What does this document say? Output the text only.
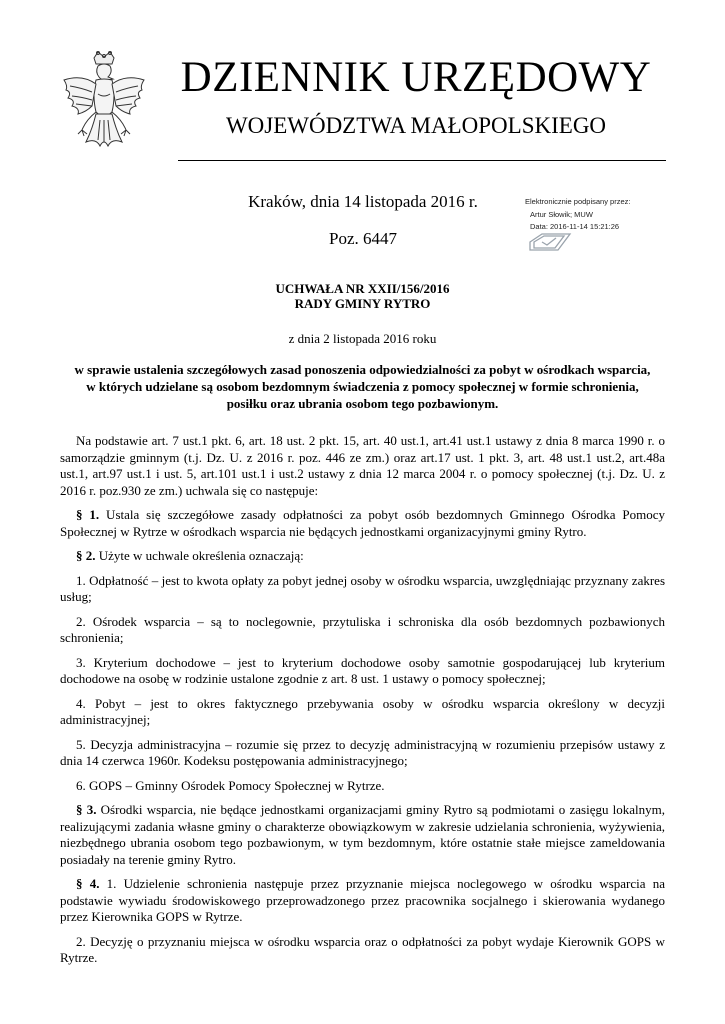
DZIENNIK URZĘDOWY
WOJEWÓDZTWA MAŁOPOLSKIEGO
Kraków, dnia 14 listopada 2016 r.
Poz. 6447
Elektronicznie podpisany przez:
Artur Słowik; MUW
Data: 2016-11-14 15:21:26
UCHWAŁA NR XXII/156/2016
RADY GMINY RYTRO
z dnia 2 listopada 2016 roku
w sprawie ustalenia szczegółowych zasad ponoszenia odpowiedzialności za pobyt w ośrodkach wsparcia,
w których udzielane są osobom bezdomnym świadczenia z pomocy społecznej w formie schronienia,
posiłku oraz ubrania osobom tego pozbawionym.

Na podstawie art. 7 ust.1 pkt. 6, art. 18 ust. 2 pkt. 15, art. 40 ust.1, art.41 ust.1 ustawy z dnia 8 marca 1990 r. o samorządzie gminnym (t.j. Dz. U. z 2016 r. poz. 446 ze zm.) oraz art.17 ust. 1 pkt. 3, art. 48 ust.1 ust.2, art.48a ust.1, art.97 ust.1 i ust. 5, art.101 ust.1 i ust.2 ustawy z dnia 12 marca 2004 r. o pomocy społecznej (t.j. Dz. U. z 2016 r. poz.930 ze zm.) uchwala się co następuje:

§ 1. Ustala się szczegółowe zasady odpłatności za pobyt osób bezdomnych Gminnego Ośrodka Pomocy Społecznej w Rytrze w ośrodkach wsparcia nie będących jednostkami organizacyjnymi gminy Rytro.

§ 2. Użyte w uchwale określenia oznaczają:

1. Odpłatność – jest to kwota opłaty za pobyt jednej osoby w ośrodku wsparcia, uwzględniając przyznany zakres usług;

2. Ośrodek wsparcia – są to noclegownie, przytuliska i schroniska dla osób bezdomnych pozbawionych schronienia;

3. Kryterium dochodowe – jest to kryterium dochodowe osoby samotnie gospodarującej lub kryterium dochodowe na osobę w rodzinie ustalone zgodnie z art. 8 ust. 1 ustawy o pomocy społecznej;

4. Pobyt – jest to okres faktycznego przebywania osoby w ośrodku wsparcia określony w decyzji administracyjnej;

5. Decyzja administracyjna – rozumie się przez to decyzję administracyjną w rozumieniu przepisów ustawy z dnia 14 czerwca 1960r. Kodeksu postępowania administracyjnego;

6. GOPS – Gminny Ośrodek Pomocy Społecznej w Rytrze.

§ 3. Ośrodki wsparcia, nie będące jednostkami organizacjami gminy Rytro są podmiotami o zasięgu lokalnym, realizującymi zadania własne gminy o charakterze obowiązkowym w zakresie udzielania schronienia, wyżywienia, niezbędnego ubrania osobom tego pozbawionym, w tym bezdomnym, które ostatnie stałe miejsce zameldowania posiadały na terenie gminy Rytro.

§ 4. 1. Udzielenie schronienia następuje przez przyznanie miejsca noclegowego w ośrodku wsparcia na podstawie wywiadu środowiskowego przeprowadzonego przez pracownika socjalnego i skierowania wydanego przez Kierownika GOPS w Rytrze.

2. Decyzję o przyznaniu miejsca w ośrodku wsparcia oraz o odpłatności za pobyt wydaje Kierownik GOPS w Rytrze.
